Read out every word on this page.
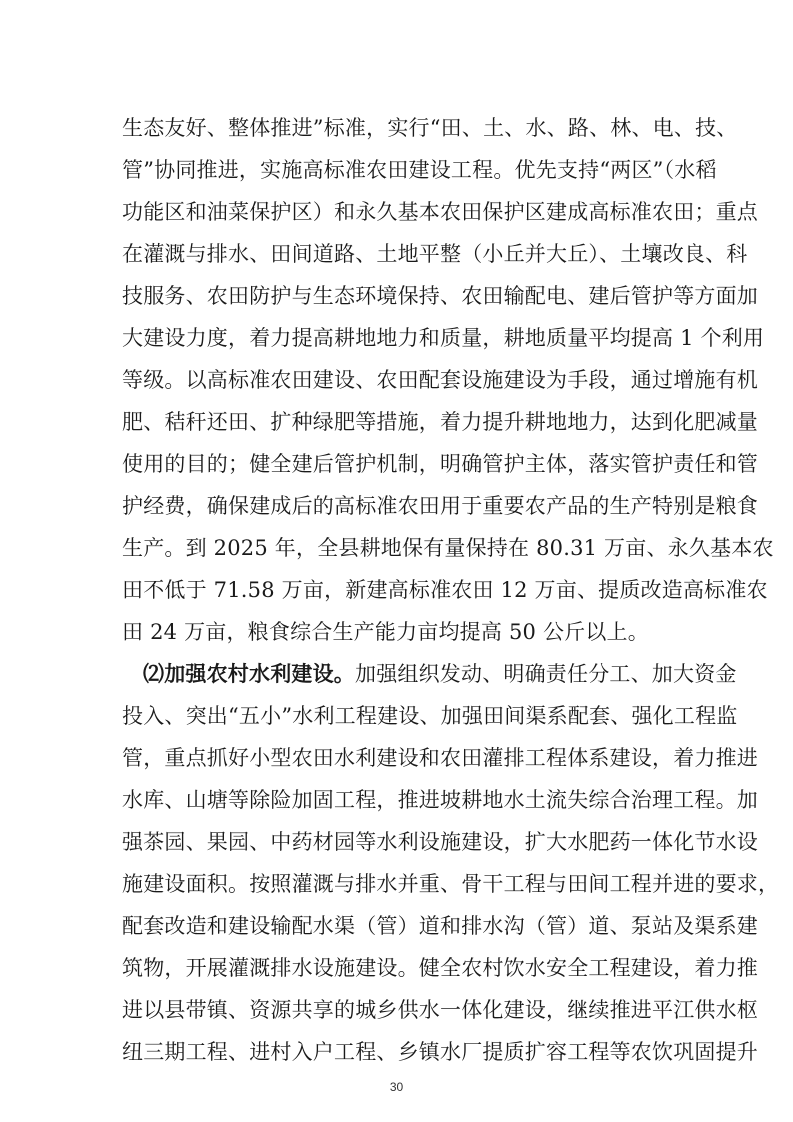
生态友好、整体推进”标准，实行“田、土、水、路、林、电、技、
管”协同推进，实施高标准农田建设工程。优先支持“两区”（水稻
功能区和油菜保护区）和永久基本农田保护区建成高标准农田；重点
在灌溉与排水、田间道路、土地平整（小丘并大丘）、土壤改良、科
技服务、农田防护与生态环境保持、农田输配电、建后管护等方面加
大建设力度，着力提高耕地地力和质量，耕地质量平均提高 1 个利用
等级。以高标准农田建设、农田配套设施建设为手段，通过增施有机
肥、秸秆还田、扩种绿肥等措施，着力提升耕地地力，达到化肥减量
使用的目的；健全建后管护机制，明确管护主体，落实管护责任和管
护经费，确保建成后的高标准农田用于重要农产品的生产特别是粮食
生产。到 2025 年，全县耕地保有量保持在 80.31 万亩、永久基本农
田不低于 71.58 万亩，新建高标准农田 12 万亩、提质改造高标准农
田 24 万亩，粮食综合生产能力亩均提高 50 公斤以上。
⑵加强农村水利建设。加强组织发动、明确责任分工、加大资金
投入、突出“五小”水利工程建设、加强田间渠系配套、强化工程监
管，重点抓好小型农田水利建设和农田灌排工程体系建设，着力推进
水库、山塘等除险加固工程，推进坡耕地水土流失综合治理工程。加
强茶园、果园、中药材园等水利设施建设，扩大水肥药一体化节水设
施建设面积。按照灌溉与排水并重、骨干工程与田间工程并进的要求，
配套改造和建设输配水渠（管）道和排水沟（管）道、泵站及渠系建
筑物，开展灌溉排水设施建设。健全农村饮水安全工程建设，着力推
进以县带镇、资源共享的城乡供水一体化建设，继续推进平江供水枢
30
纽三期工程、进村入户工程、乡镇水厂提质扩容工程等农饮巩固提升
